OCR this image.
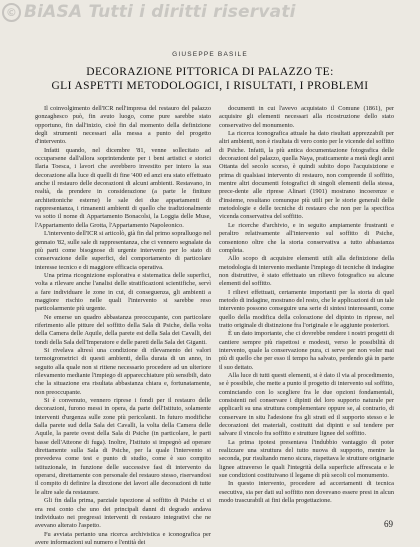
© BiASA Tutti i diritti riservati
GIUSEPPE BASILE
DECORAZIONE PITTORICA DI PALAZZO TE:
GLI ASPETTI METODOLOGICI, I RISULTATI, I PROBLEMI

Il coinvolgimento dell'ICR nell'impresa del restauro del palazzo gonzaghesco può, fin avuto luogo, come pure sarebbe stato opportuno, fin dall'inizio, cioè fin dal momento della definizione degli strumenti necessari alla messa a punto del progetto d'intervento.

Infatti quando, nel dicembre '81, venne sollecitato ad occuparsene dall'allora soprintendente per i beni artistici e storici Ilaria Toesca, i lavori che avrebbero investito per intero la sua decorazione alla luce di quelli di fine '400 ed anzi era stato effettuato anche il restauro delle decorazioni di alcuni ambienti. Restavano, in realtà, da prendere in considerazione (a parte le finiture architettoniche esterne) le sale dei due appartamenti di rappresentanza, i rimanenti ambienti di quello che tradizionalmente va sotto il nome di Appartamento Bonacolsi, la Loggia delle Muse, l'Appartamento della Grotta, l'Appartamento Napoleonico.

L'intervento dell'ICR si articolò, già fin dal primo sopralluogo nel gennaio '82, sulle sale di rappresentanza, che ci vennero segnalate da più parti come bisognose di urgente intervento per lo stato di conservazione delle superfici, del comportamento di particolare interesse tecnico e di maggiore efficacia operativa.

Una prima ricognizione esplorativa e sistematica delle superfici, volta a rilevare anche l'analisi delle stratificazioni scientifiche, servì a fare individuare le zone in cui, di conseguenza, gli ambienti a maggiore rischio nelle quali l'intervento si sarebbe reso particolarmente più urgente.

Ne emerse un quadro abbastanza preoccupante, con particolare riferimento alle pitture del soffitto della Sala di Psiche, della volta della Camera delle Aquile, della parete est della Sala dei Cavalli, dei tondi della Sala dell'Imperatore e delle pareti della Sala dei Giganti.

Si rivelava altresì una condizione di rilevamento dei valori termoigrometrici di questi ambienti, della durata di un anno, in seguito alla quale non si ritiene necessario procedere ad un ulteriore rilevamento mediante l'impiego di apparecchiature più sensibili, dato che la situazione era risultata abbastanza chiara e, fortunatamente, non preoccupante.

Si è convenuto, vennero riprese i fondi per il restauro delle decorazioni, furono messi in opera, da parte dell'Istituto, solamente interventi d'urgenza sulle zone più pericolanti. In futuro modifiche dalla parete sud della Sala dei Cavalli, la volta della Camera delle Aquile, la parete ovest della Sala di Psiche (in particolare, le parti basse dell'Atteone di fuga). Inoltre, l'Istituto si impegnò ad operare direttamente sulla Sala di Psiche, per la quale l'intervento si prevedeva come test e punto di studio, come è suo compito istituzionale, in funzione delle successive fasi di intervento da operarsi, direttamente con personale del restauro stesso, riservandosi il compito di definire la direzione dei lavori alle decorazioni di tutte le altre sale da restaurare.

Gli fin dalla prima, parziale ispezione al soffitto di Psiche ci si era resi conto che uno dei principali danni di degrado andava individuato nei pregressi interventi di restauro integrativi che ne avevano alterato l'aspetto.

Fu avviata pertanto una ricerca archivistica e iconografica per avere informazioni sul numero e l'entità dei

documenti in cui l'avevo acquistato il Comune (1861), per acquisire gli elementi necessari alla ricostruzione dello stato conservativo del monumento.

La ricerca iconografica attuale ha dato risultati apprezzabili per altri ambienti, non è risultata di vero conto per le vicende del soffitto di Psiche. Infatti, la più antica documentazione fotografica delle decorazioni del palazzo, quella Naya, praticamente a metà degli anni Ottanta del secolo scorso, è quindi subito dopo l'acquisizione e prima di qualsiasi intervento di restauro, non comprende il soffitto, mentre altri documenti fotografici di singoli elementi della stessa, prece-dente alle riprese Alinari (1901) mostrano incoerenze e d'insieme, resultano comunque più utili per le storie generali delle metodologie e delle tecniche di restauro che non per la specifica vicenda conservativa del soffitto.

Le ricerche d'archivio, e in seguito ampiamente frustranti e peraltro relativamente all'intervento sul soffitto di Psiche, consentono oltre che la storia conservativa a tutto abbastanza completa.

Allo scopo di acquisire elementi utili alla definizione della metodologia di intervento mediante l'impiego di tecniche di indagine non distruttive, è stato effettuato un rilievo fotografico su alcune elementi del soffitto.

I rilievi effettuati, certamente importanti per la storia di quel metodo di indagine, mostrano del resto, che le applicazioni di un tale intervento possono conseguire una serie di sintesi interessanti, come quello della modifica della colorazione del dipinto in riprese, nel tratto originale di distinzione fra l'originale e le aggiunte posteriori.

È un dato importante, che ci dovrebbe rendere i nostri progetti di cantiere sempre più rispettosi e modesti, verso le possibilità di intervento, quale la conservazione pura, ci serve per non voler mai più di quello che per esso il tempo ha salvato, perdendo già in parte il suo dettato.

Alla luce di tutti questi elementi, si è dato il via al procedimento, se è possibile, che mette a punto il progetto di intervento sul soffitto, cominciando con lo scegliere fra le due opzioni fondamentali, consistenti nel conservare i dipinti del loro supporto naturale per applicarli su una struttura complementare oppure se, al contrario, di conservare in situ l'adesione fra gli strati ed il supporto stesso e le decorazioni dei materiali, costituiti dai dipinti e sul tendere per salvare il vincolo fra soffitto e strutture lignee del soffitto.

La prima ipotesi presentava l'indubbio vantaggio di poter realizzare una struttura del tutto nuova di supporto, mentre la seconda, pur risultando meno sicura, rispettava le strutture originarie lignee attraverso le quali l'integrità della superficie affrescata e le sue condizioni costituivano il legame di più secoli col monumento.

In questo intervento, procedere ad accertamenti di tecnica esecutiva, sia per dati sul soffitto non dovevano essere presi in alcun modo trascurabili ai fini della progettazione.

69
